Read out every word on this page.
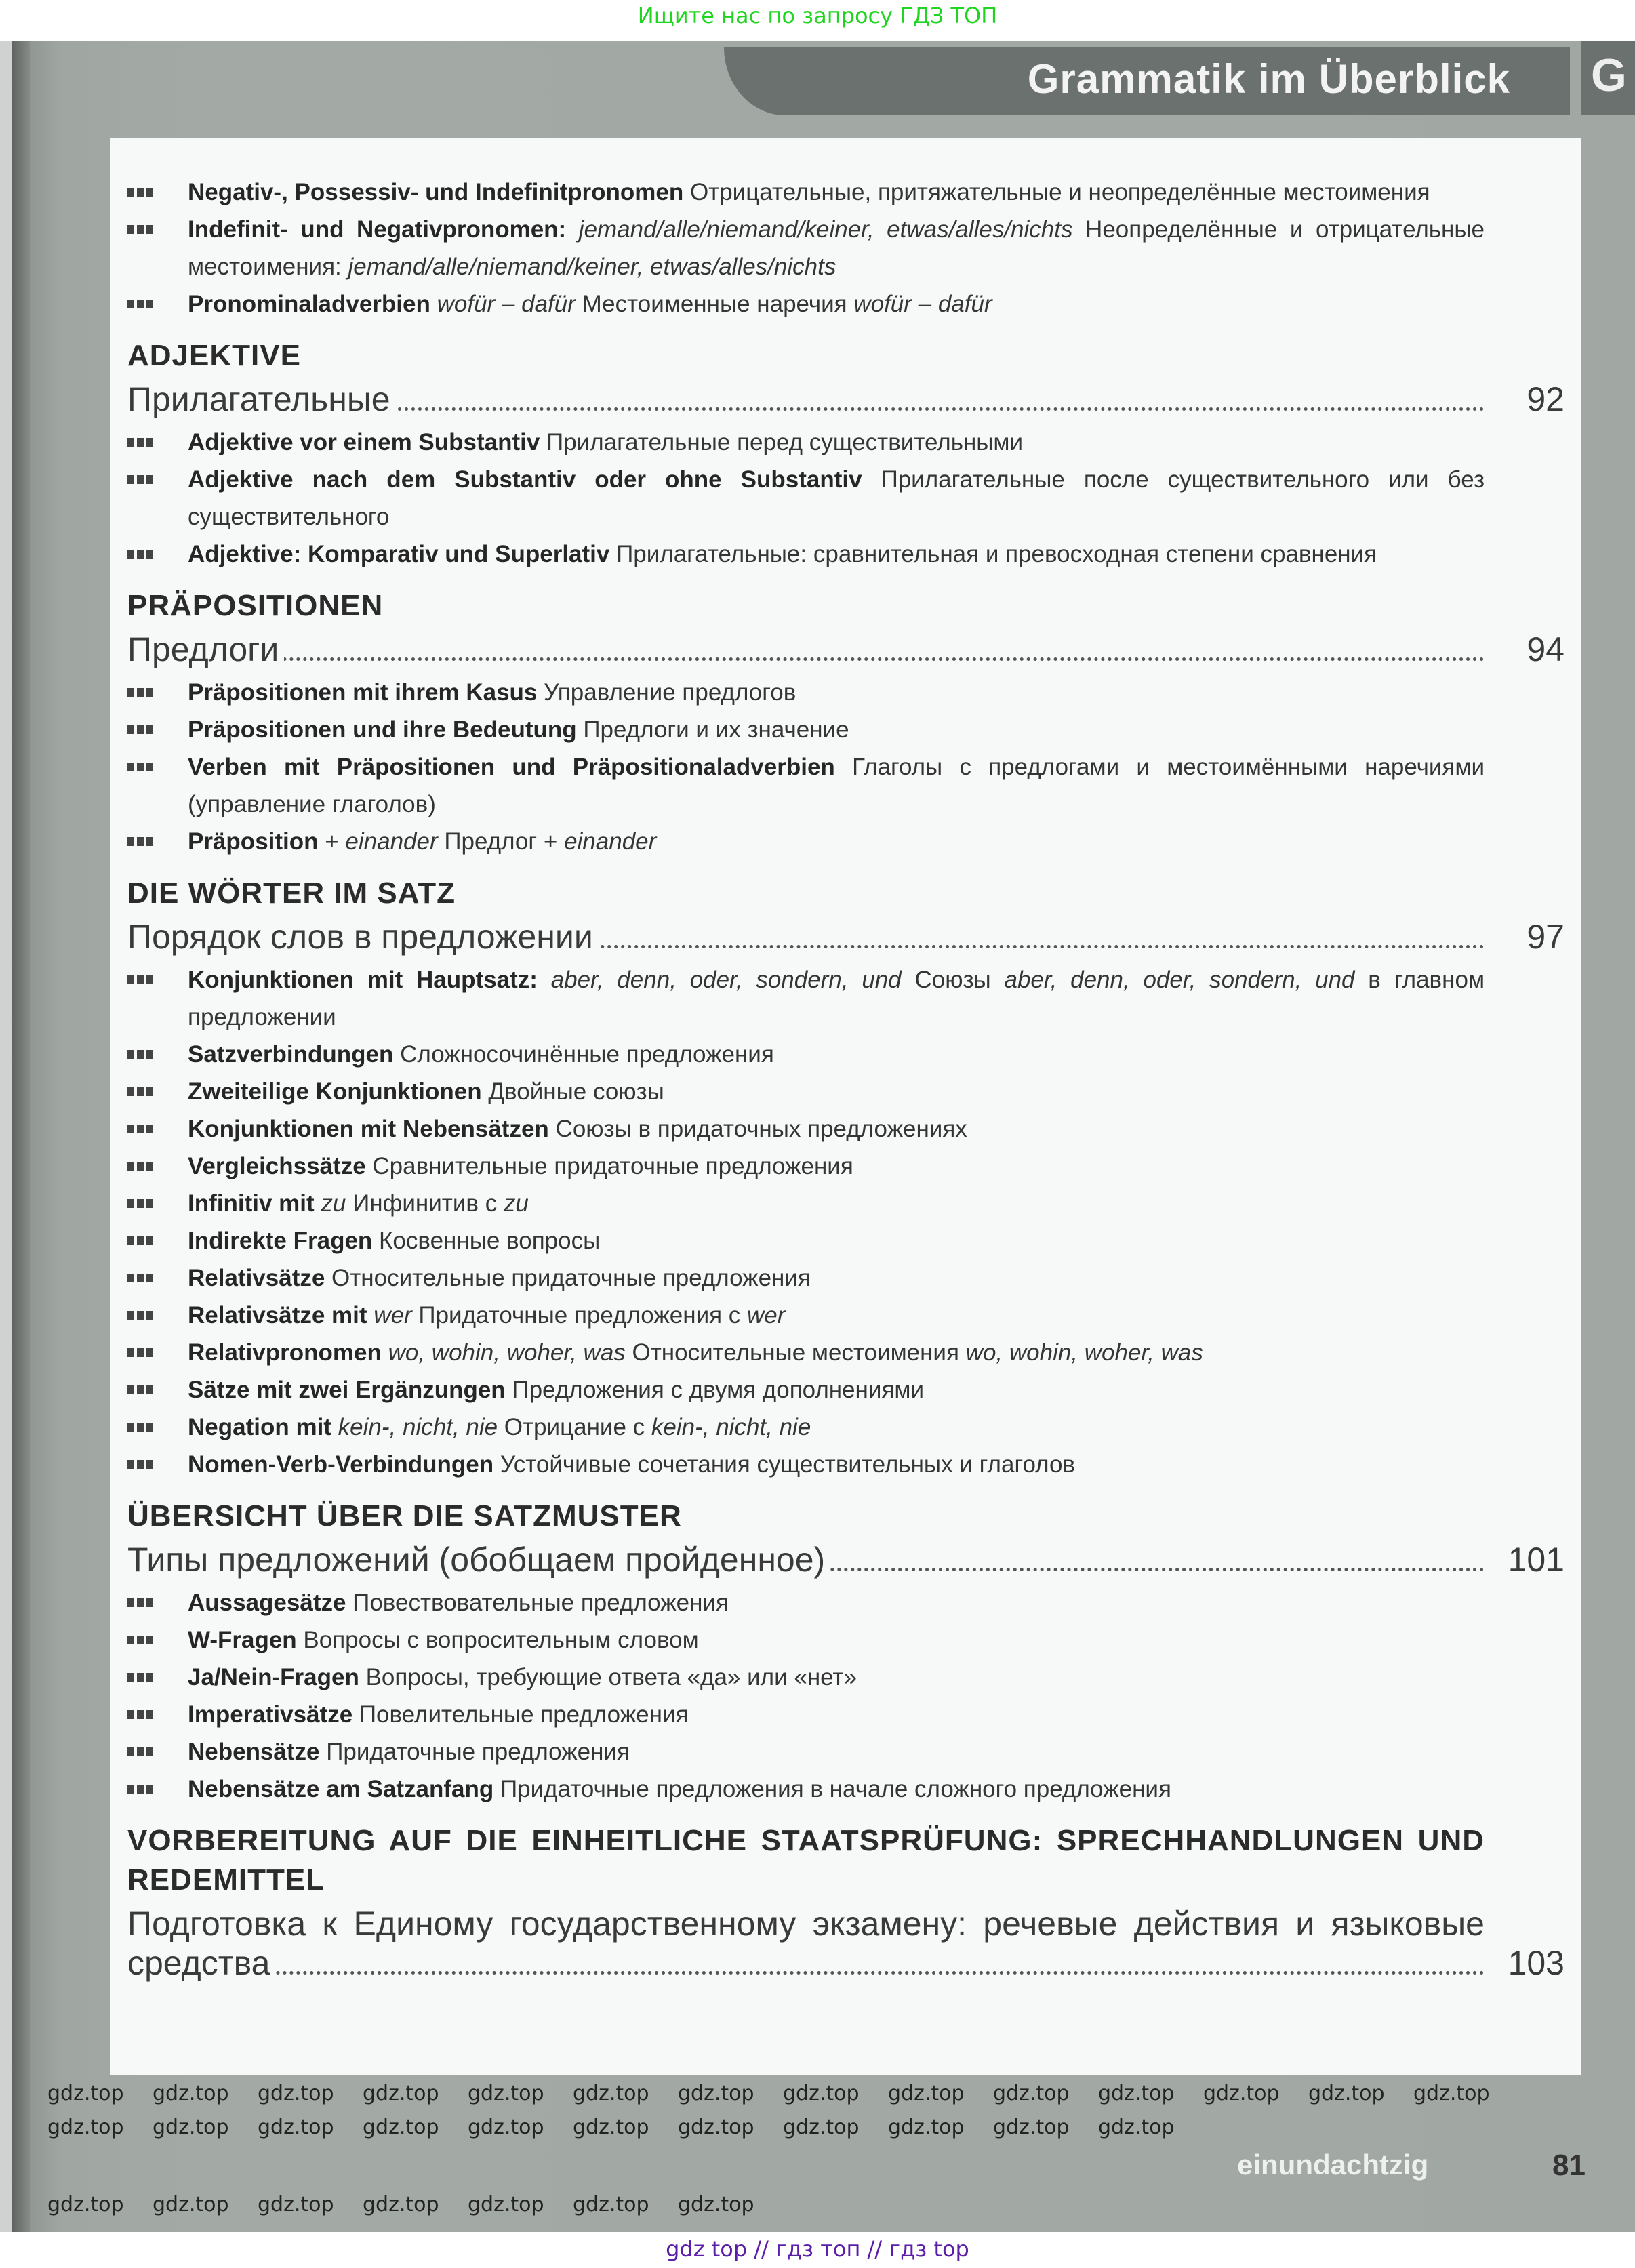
Ищите нас по запросу ГДЗ ТОП
Grammatik im Überblick G
Negativ-, Possessiv- und Indefinitpronomen Отрицательные, притяжательные и неопределённые местоимения
Indefinit- und Negativpronomen: jemand/alle/niemand/keiner, etwas/alles/nichts Неопределённые и отрицательные местоимения: jemand/alle/niemand/keiner, etwas/alles/nichts
Pronominaladverbien wofür – dafür Местоименные наречия wofür – dafür
ADJEKTIVE
Прилагательные	92
Adjektive vor einem Substantiv Прилагательные перед существительными
Adjektive nach dem Substantiv oder ohne Substantiv Прилагательные после существительного или без существительного
Adjektive: Komparativ und Superlativ Прилагательные: сравнительная и превосходная степени сравнения
PRÄPOSITIONEN
Предлоги	94
Präpositionen mit ihrem Kasus Управление предлогов
Präpositionen und ihre Bedeutung Предлоги и их значение
Verben mit Präpositionen und Präpositionaladverbien Глаголы с предлогами и местоимёнными наречиями (управление глаголов)
Präposition + einander Предлог + einander
DIE WÖRTER IM SATZ
Порядок слов в предложении	97
Konjunktionen mit Hauptsatz: aber, denn, oder, sondern, und Союзы aber, denn, oder, sondern, und в главном предложении
Satzverbindungen Сложносочинённые предложения
Zweiteilige Konjunktionen Двойные союзы
Konjunktionen mit Nebensätzen Союзы в придаточных предложениях
Vergleichssätze Сравнительные придаточные предложения
Infinitiv mit zu Инфинитив с zu
Indirekte Fragen Косвенные вопросы
Relativsätze Относительные придаточные предложения
Relativsätze mit wer Придаточные предложения с wer
Relativpronomen wo, wohin, woher, was Относительные местоимения wo, wohin, woher, was
Sätze mit zwei Ergänzungen Предложения с двумя дополнениями
Negation mit kein-, nicht, nie Отрицание с kein-, nicht, nie
Nomen-Verb-Verbindungen Устойчивые сочетания существительных и глаголов
ÜBERSICHT ÜBER DIE SATZMUSTER
Типы предложений (обобщаем пройденное)	101
Aussagesätze Повествовательные предложения
W-Fragen Вопросы с вопросительным словом
Ja/Nein-Fragen Вопросы, требующие ответа «да» или «нет»
Imperativsätze Повелительные предложения
Nebensätze Придаточные предложения
Nebensätze am Satzanfang Придаточные предложения в начале сложного предложения
VORBEREITUNG AUF DIE EINHEITLICHE STAATSPRÜFUNG: SPRECHHANDLUNGEN UND REDEMITTEL
Подготовка к Единому государственному экзамену: речевые действия и языковые средства	103
einundachtzig	81
gdz top // гдз топ // гдз top
gdz.top gdz.top gdz.top gdz.top gdz.top gdz.top gdz.top gdz.top gdz.top gdz.top gdz.top gdz.top gdz.top gdz.top
gdz.top gdz.top gdz.top gdz.top gdz.top gdz.top gdz.top gdz.top gdz.top gdz.top gdz.top
gdz.top gdz.top gdz.top gdz.top gdz.top gdz.top gdz.top
